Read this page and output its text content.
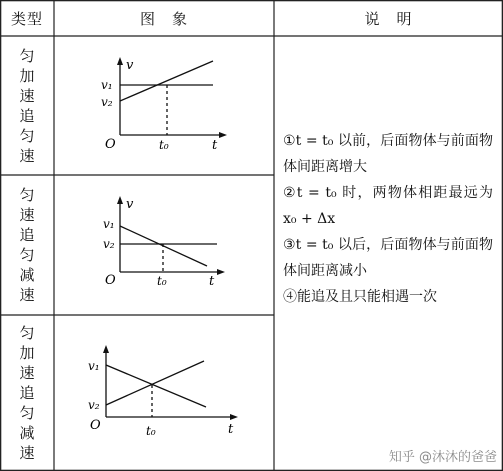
类型	图　象	说　明
匀
加
速
追
匀
速
匀
速
追
匀
减
速
匀
加
速
追
匀
减
速
v
t
O
v₁
v₂
t₀
v
t
O
v₁
v₂
t₀
t
O
v₁
v₂
t₀

①t = t₀ 以前，后面物体与前面物体间距离增大

②t = t₀ 时，两物体相距最远为 x₀ + Δx

③t = t₀ 以后，后面物体与前面物体间距离减小

④能追及且只能相遇一次

知乎 @沐沐的爸爸
